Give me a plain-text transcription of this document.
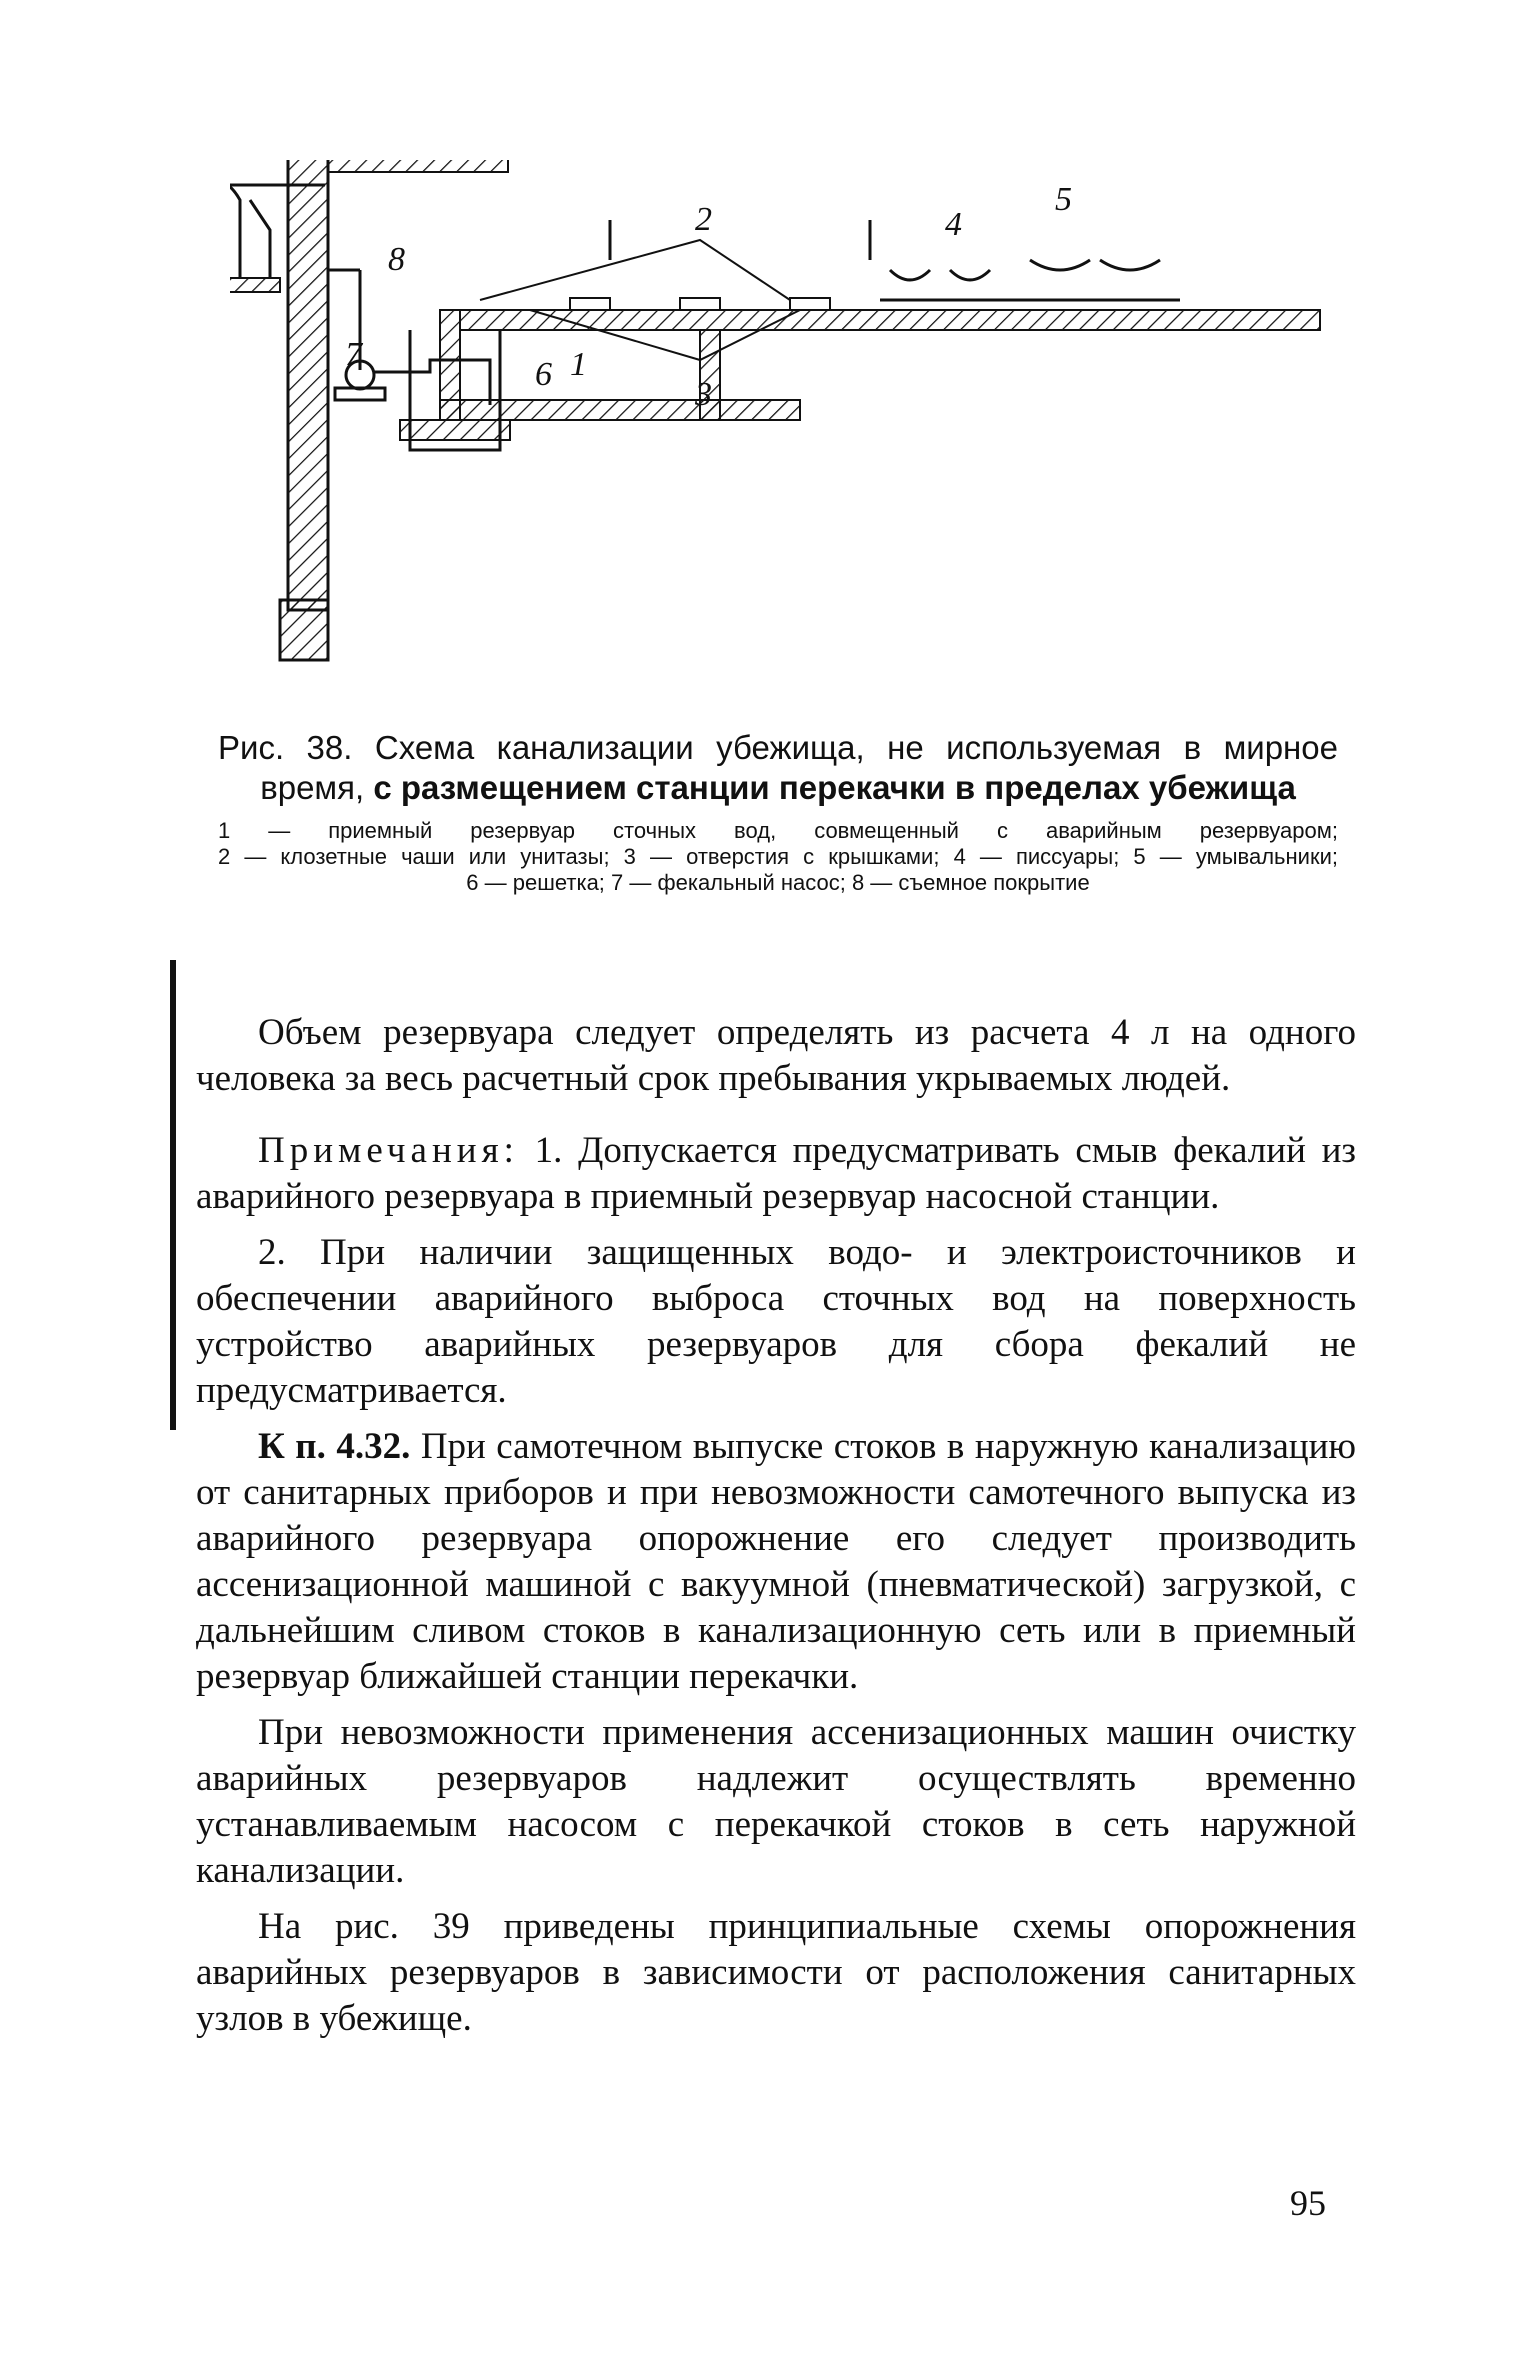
1
2
3
4
5
6
7
8

Рис. 38. Схема канализации убежища, не используемая в мирное время, с размещением станции перекачки в пределах убежища

1 — приемный резервуар сточных вод, совмещенный с аварийным резервуаром; 2 — клозетные чаши или унитазы; 3 — отверстия с крышками; 4 — писсуары; 5 — умывальники; 6 — решетка; 7 — фекальный насос; 8 — съемное покрытие

Объем резервуара следует определять из расчета 4 л на одного человека за весь расчетный срок пребывания укрываемых людей.

Примечания: 1. Допускается предусматривать смыв фекалий из аварийного резервуара в приемный резервуар насосной станции.

2. При наличии защищенных водо- и электроисточников и обеспечении аварийного выброса сточных вод на поверхность устройство аварийных резервуаров для сбора фекалий не предусматривается.

К п. 4.32. При самотечном выпуске стоков в наружную канализацию от санитарных приборов и при невозможности самотечного выпуска из аварийного резервуара опорожнение его следует производить ассенизационной машиной с вакуумной (пневматической) загрузкой, с дальнейшим сливом стоков в канализационную сеть или в приемный резервуар ближайшей станции перекачки.

При невозможности применения ассенизационных машин очистку аварийных резервуаров надлежит осуществлять временно устанавливаемым насосом с перекачкой стоков в сеть наружной канализации.

На рис. 39 приведены принципиальные схемы опорожнения аварийных резервуаров в зависимости от расположения санитарных узлов в убежище.

95
